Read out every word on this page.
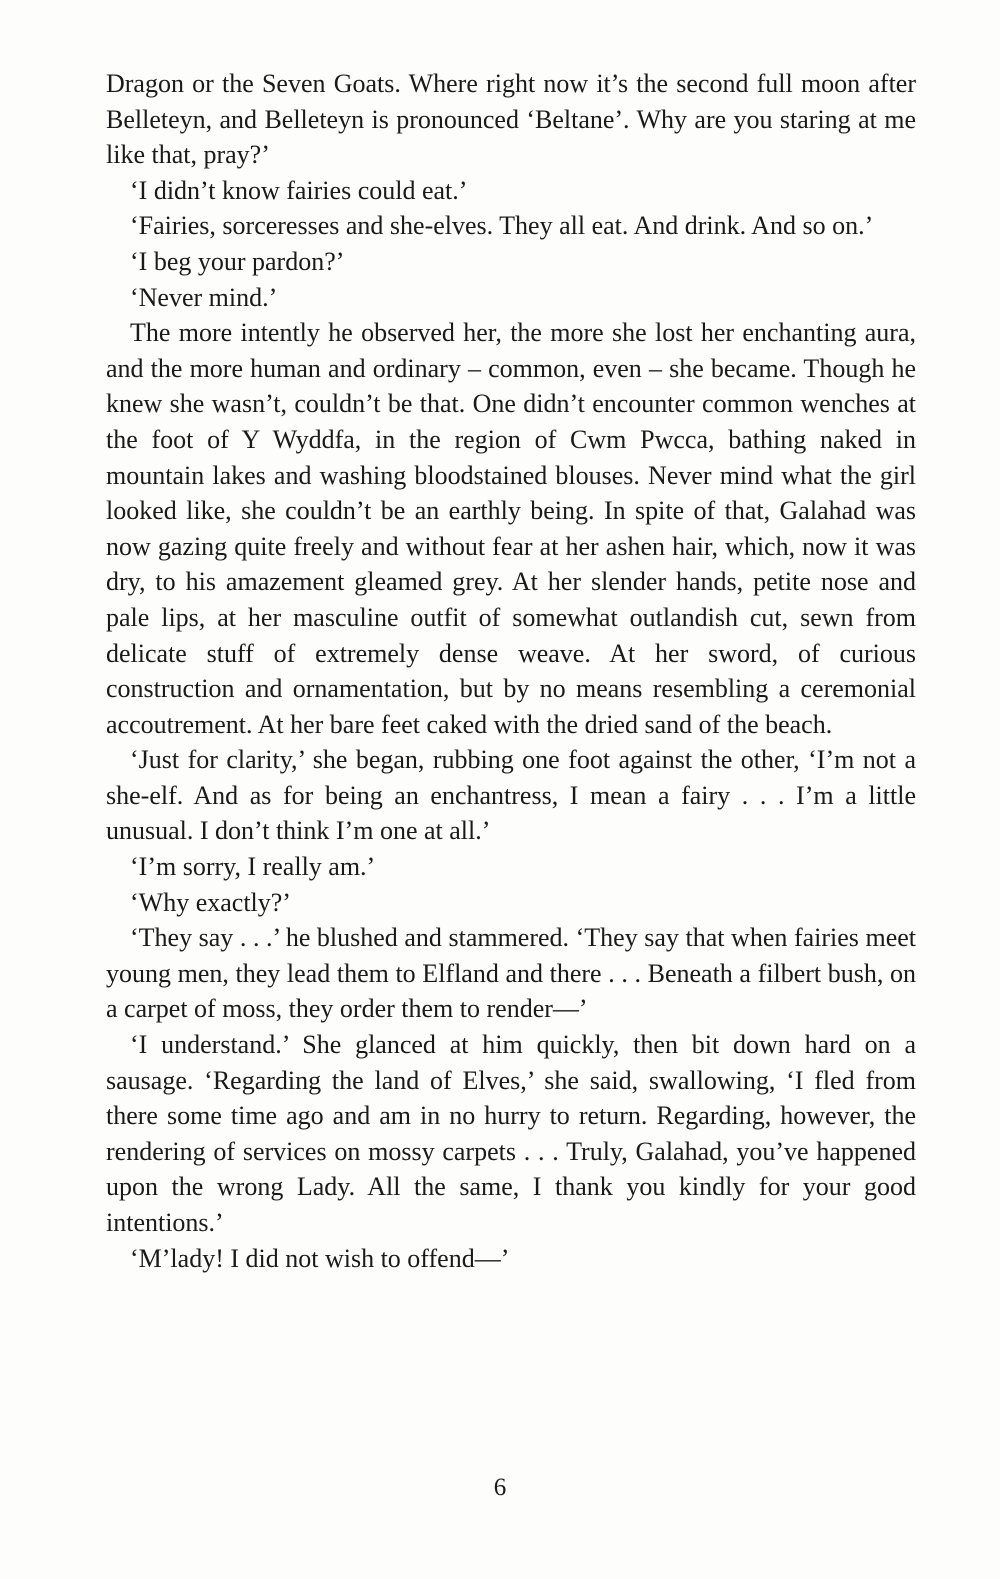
Dragon or the Seven Goats. Where right now it’s the second full moon after Belleteyn, and Belleteyn is pronounced ‘Beltane’. Why are you staring at me like that, pray?’

‘I didn’t know fairies could eat.’

‘Fairies, sorceresses and she-elves. They all eat. And drink. And so on.’

‘I beg your pardon?’

‘Never mind.’

The more intently he observed her, the more she lost her enchanting aura, and the more human and ordinary – common, even – she became. Though he knew she wasn’t, couldn’t be that. One didn’t encounter common wenches at the foot of Y Wyddfa, in the region of Cwm Pwcca, bathing naked in mountain lakes and washing bloodstained blouses. Never mind what the girl looked like, she couldn’t be an earthly being. In spite of that, Galahad was now gazing quite freely and without fear at her ashen hair, which, now it was dry, to his amazement gleamed grey. At her slender hands, petite nose and pale lips, at her masculine outfit of somewhat outlandish cut, sewn from delicate stuff of extremely dense weave. At her sword, of curious construction and ornamentation, but by no means resembling a ceremonial accoutrement. At her bare feet caked with the dried sand of the beach.

‘Just for clarity,’ she began, rubbing one foot against the other, ‘I’m not a she-elf. And as for being an enchantress, I mean a fairy . . . I’m a little unusual. I don’t think I’m one at all.’

‘I’m sorry, I really am.’

‘Why exactly?’

‘They say . . .’ he blushed and stammered. ‘They say that when fairies meet young men, they lead them to Elfland and there . . . Beneath a filbert bush, on a carpet of moss, they order them to render—’

‘I understand.’ She glanced at him quickly, then bit down hard on a sausage. ‘Regarding the land of Elves,’ she said, swallowing, ‘I fled from there some time ago and am in no hurry to return. Regarding, however, the rendering of services on mossy carpets . . . Truly, Galahad, you’ve happened upon the wrong Lady. All the same, I thank you kindly for your good intentions.’

‘M’lady! I did not wish to offend—’

6
